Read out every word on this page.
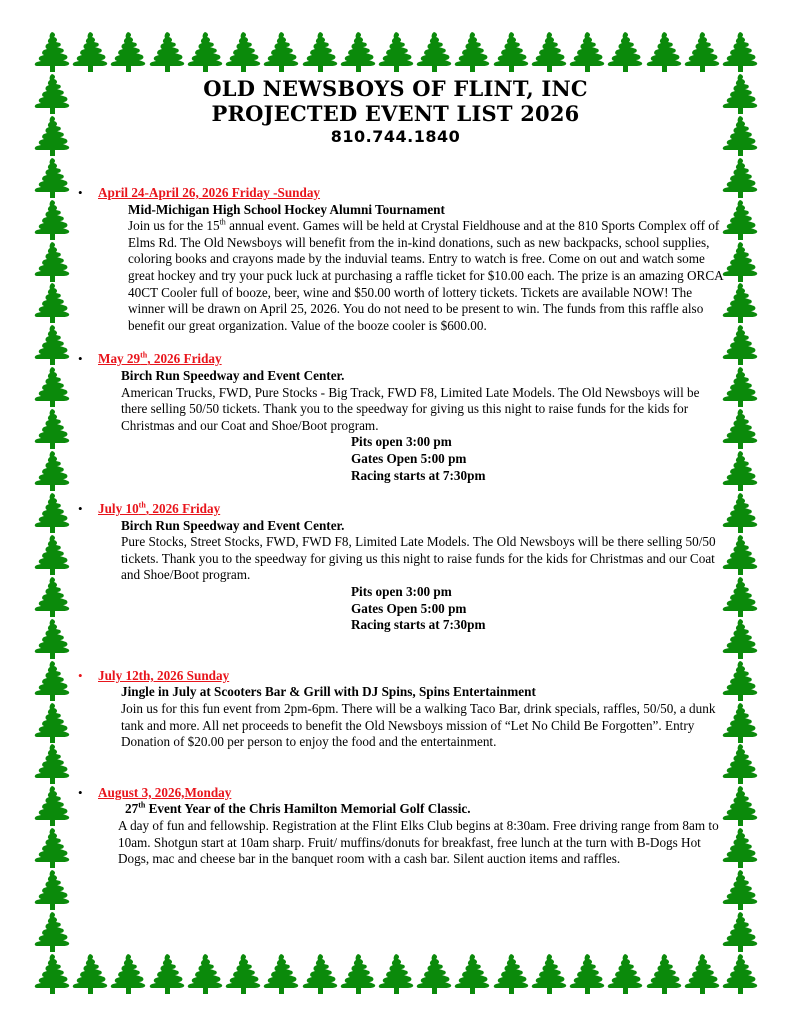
OLD NEWSBOYS OF FLINT, INC
PROJECTED EVENT LIST 2026
810.744.1840
• April 24-April 26, 2026 Friday -Sunday
Mid-Michigan High School Hockey Alumni Tournament
Join us for the 15th annual event. Games will be held at Crystal Fieldhouse and at the 810 Sports Complex off of Elms Rd. The Old Newsboys will benefit from the in-kind donations, such as new backpacks, school supplies, coloring books and crayons made by the induvial teams. Entry to watch is free. Come on out and watch some great hockey and try your puck luck at purchasing a raffle ticket for $10.00 each. The prize is an amazing ORCA 40CT Cooler full of booze, beer, wine and $50.00 worth of lottery tickets. Tickets are available NOW! The winner will be drawn on April 25, 2026. You do not need to be present to win. The funds from this raffle also benefit our great organization. Value of the booze cooler is $600.00.
• May 29th, 2026 Friday
Birch Run Speedway and Event Center.
American Trucks, FWD, Pure Stocks - Big Track, FWD F8, Limited Late Models. The Old Newsboys will be there selling 50/50 tickets. Thank you to the speedway for giving us this night to raise funds for the kids for Christmas and our Coat and Shoe/Boot program.
Pits open 3:00 pm
Gates Open 5:00 pm
Racing starts at 7:30pm
• July 10th, 2026 Friday
Birch Run Speedway and Event Center.
Pure Stocks, Street Stocks, FWD, FWD F8, Limited Late Models. The Old Newsboys will be there selling 50/50 tickets. Thank you to the speedway for giving us this night to raise funds for the kids for Christmas and our Coat and Shoe/Boot program.
Pits open 3:00 pm
Gates Open 5:00 pm
Racing starts at 7:30pm
• July 12th, 2026 Sunday
Jingle in July at Scooters Bar & Grill with DJ Spins, Spins Entertainment
Join us for this fun event from 2pm-6pm. There will be a walking Taco Bar, drink specials, raffles, 50/50, a dunk tank and more. All net proceeds to benefit the Old Newsboys mission of “Let No Child Be Forgotten”. Entry Donation of $20.00 per person to enjoy the food and the entertainment.
• August 3, 2026,Monday
27th Event Year of the Chris Hamilton Memorial Golf Classic.
A day of fun and fellowship. Registration at the Flint Elks Club begins at 8:30am. Free driving range from 8am to 10am. Shotgun start at 10am sharp. Fruit/ muffins/donuts for breakfast, free lunch at the turn with B-Dogs Hot Dogs, mac and cheese bar in the banquet room with a cash bar. Silent auction items and raffles.
